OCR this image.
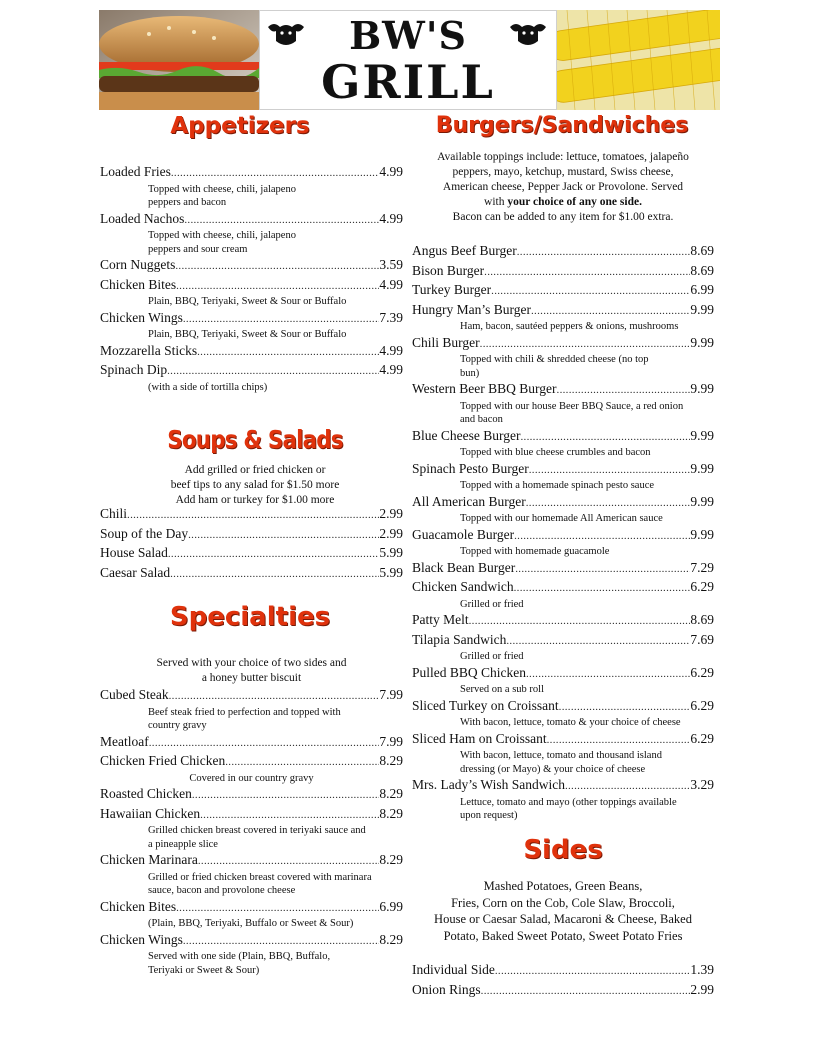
BW'S
GRILL
Appetizers
Loaded Fries .....	4.99
Topped with cheese, chili, jalapeno
peppers and bacon
Loaded Nachos .....	4.99
Topped with cheese, chili, jalapeno
peppers and sour cream
Corn Nuggets .....	3.59
Chicken Bites .....	4.99
Plain, BBQ, Teriyaki, Sweet & Sour or Buffalo
Chicken Wings .....	7.39
Plain, BBQ, Teriyaki, Sweet & Sour or Buffalo
Mozzarella Sticks .....	4.99
Spinach Dip .....	4.99
(with a side of tortilla chips)
Soups & Salads
Add grilled or fried chicken or
beef tips to any salad for $1.50 more
Add ham or turkey for $1.00 more
Chili .....	2.99
Soup of the Day .....	2.99
House Salad .....	5.99
Caesar Salad .....	5.99
Specialties
Served with your choice of two sides and
a honey butter biscuit
Cubed Steak .....	7.99
Beef steak fried to perfection and topped with
country gravy
Meatloaf .....	7.99
Chicken Fried Chicken .....	8.29
Covered in our country gravy
Roasted Chicken .....	8.29
Hawaiian Chicken .....	8.29
Grilled chicken breast covered in teriyaki sauce and
a pineapple slice
Chicken Marinara .....	8.29
Grilled or fried chicken breast covered with marinara
sauce, bacon and provolone cheese
Chicken Bites .....	6.99
(Plain, BBQ, Teriyaki, Buffalo or Sweet & Sour)
Chicken Wings .....	8.29
Served with one side (Plain, BBQ, Buffalo,
Teriyaki or Sweet & Sour)
Burgers/Sandwiches
Available toppings include: lettuce, tomatoes, jalapeño
peppers, mayo, ketchup, mustard, Swiss cheese,
American cheese, Pepper Jack or Provolone. Served
with your choice of any one side.
Bacon can be added to any item for $1.00 extra.
Angus Beef Burger .....	8.69
Bison Burger .....	8.69
Turkey Burger .....	6.99
Hungry Man’s Burger .....	9.99
Ham, bacon, sautéed peppers & onions, mushrooms
Chili Burger .....	9.99
Topped with chili & shredded cheese (no top
bun)
Western Beer BBQ Burger .....	9.99
Topped with our house Beer BBQ Sauce, a red onion
and bacon
Blue Cheese Burger .....	9.99
Topped with blue cheese crumbles and bacon
Spinach Pesto Burger .....	9.99
Topped with a homemade spinach pesto sauce
All American Burger .....	9.99
Topped with our homemade All American sauce
Guacamole Burger .....	9.99
Topped with homemade guacamole
Black Bean Burger .....	7.29
Chicken Sandwich .....	6.29
Grilled or fried
Patty Melt .....	8.69
Tilapia Sandwich .....	7.69
Grilled or fried
Pulled BBQ Chicken .....	6.29
Served on a sub roll
Sliced Turkey on Croissant .....	6.29
With bacon, lettuce, tomato & your choice of cheese
Sliced Ham on Croissant .....	6.29
With bacon, lettuce, tomato and thousand island
dressing (or Mayo) & your choice of cheese
Mrs. Lady’s Wish Sandwich .....	3.29
Lettuce, tomato and mayo (other toppings available
upon request)
Sides
Mashed Potatoes, Green Beans,
Fries, Corn on the Cob, Cole Slaw, Broccoli,
House or Caesar Salad, Macaroni & Cheese, Baked
Potato, Baked Sweet Potato, Sweet Potato Fries
Individual Side .....	1.39
Onion Rings .....	2.99
